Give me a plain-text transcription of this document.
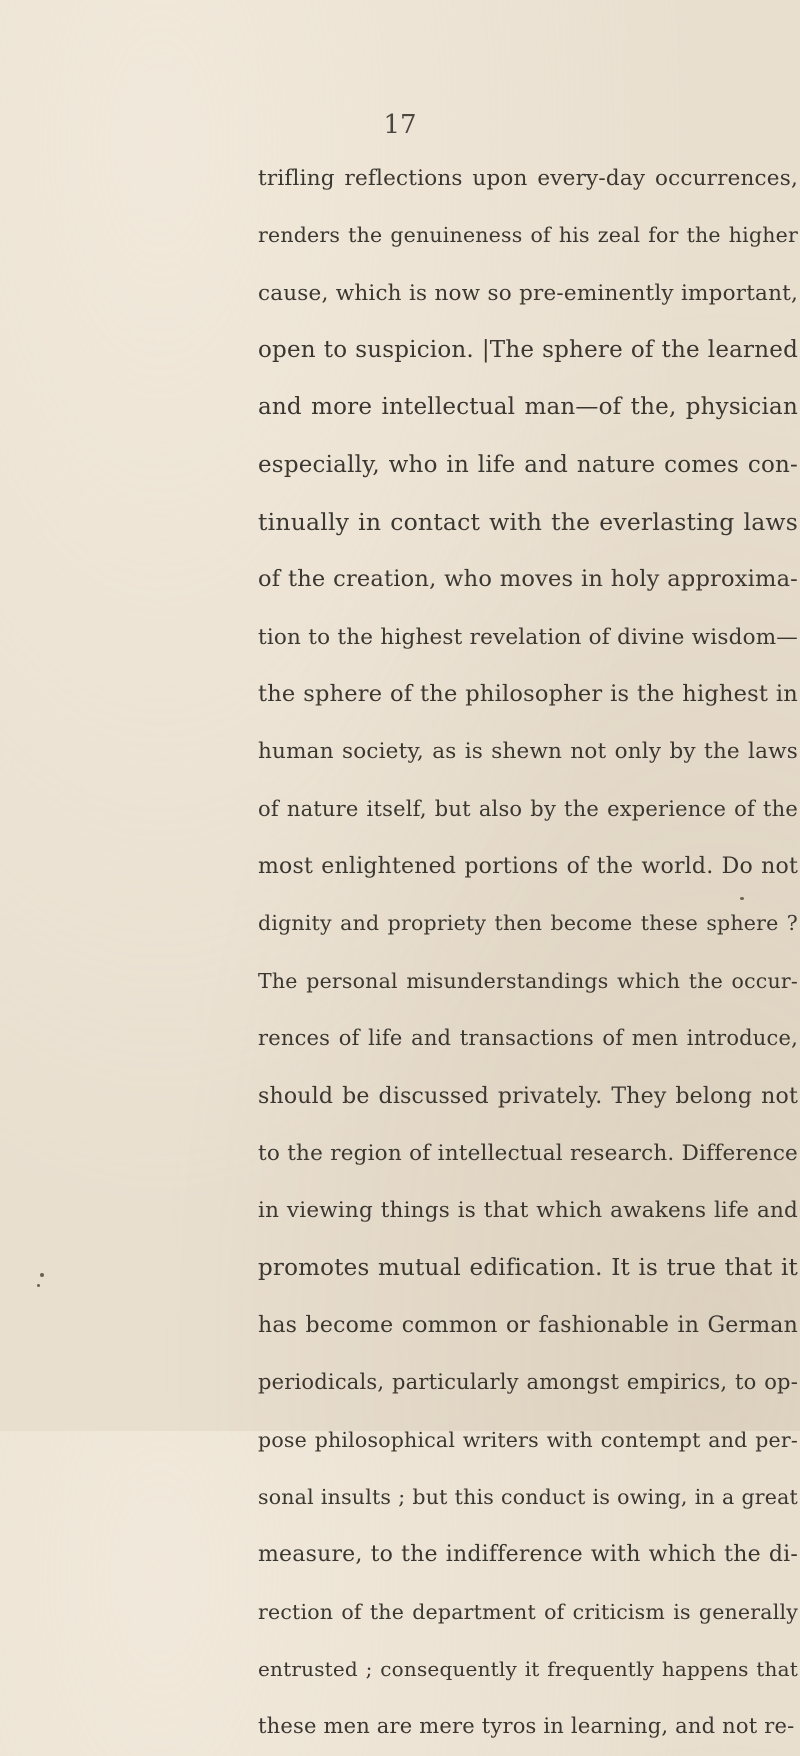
17
trifling reflections upon every-day occurrences,
renders the genuineness of his zeal for the higher
cause, which is now so pre-eminently important,
open to suspicion. |The sphere of the learned
and more intellectual man—of the, physician
especially, who in life and nature comes con-
tinually in contact with the everlasting laws
of the creation, who moves in holy approxima-
tion to the highest revelation of divine wisdom—
the sphere of the philosopher is the highest in
human society, as is shewn not only by the laws
of nature itself, but also by the experience of the
most enlightened portions of the world. Do not
dignity and propriety then become these sphere ?
The personal misunderstandings which the occur-
rences of life and transactions of men introduce,
should be discussed privately. They belong not
to the region of intellectual research. Difference
in viewing things is that which awakens life and
promotes mutual edification. It is true that it
has become common or fashionable in German
periodicals, particularly amongst empirics, to op-
pose philosophical writers with contempt and per-
sonal insults ; but this conduct is owing, in a great
measure, to the indifference with which the di-
rection of the department of criticism is generally
entrusted ; consequently it frequently happens that
these men are mere tyros in learning, and not re-
